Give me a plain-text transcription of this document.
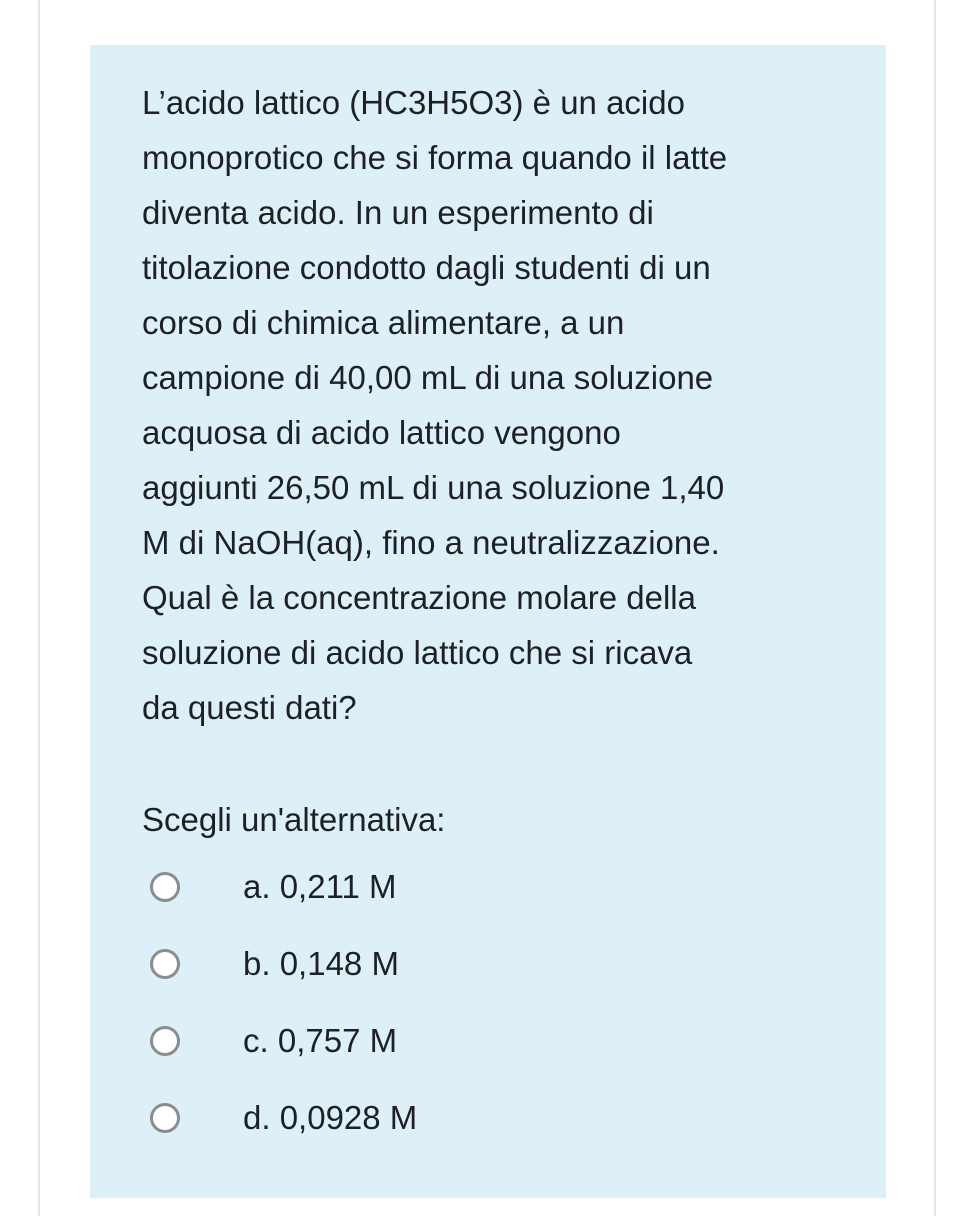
L’acido lattico (HC3H5O3) è un acido
monoprotico che si forma quando il latte
diventa acido. In un esperimento di
titolazione condotto dagli studenti di un
corso di chimica alimentare, a un
campione di 40,00 mL di una soluzione
acquosa di acido lattico vengono
aggiunti 26,50 mL di una soluzione 1,40
M di NaOH(aq), fino a neutralizzazione.
Qual è la concentrazione molare della
soluzione di acido lattico che si ricava
da questi dati?

Scegli un'alternativa:

a. 0,211 M
b. 0,148 M
c. 0,757 M
d. 0,0928 M
